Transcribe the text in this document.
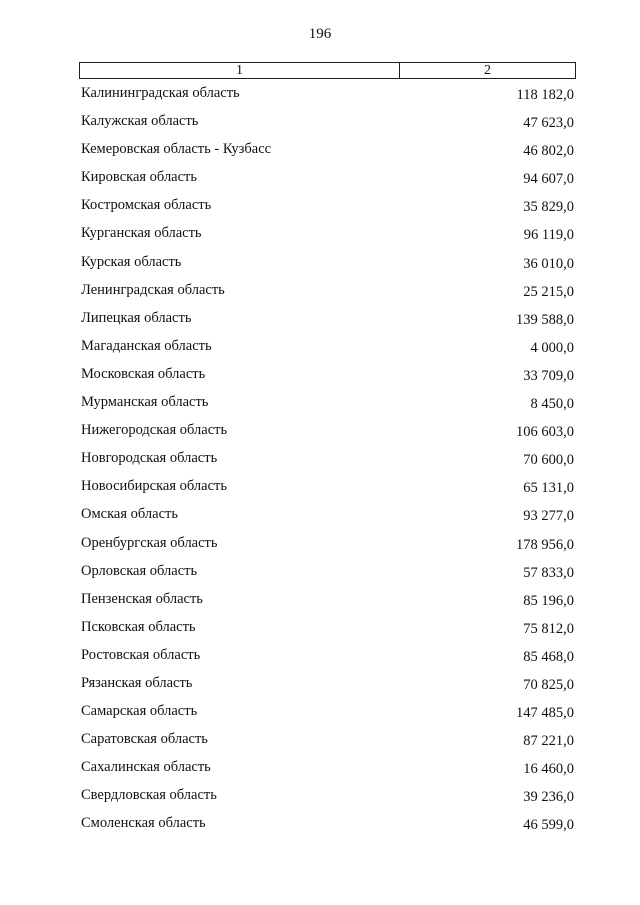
196
1	2
Калининградская область	118 182,0
Калужская область	47 623,0
Кемеровская область - Кузбасс	46 802,0
Кировская область	94 607,0
Костромская область	35 829,0
Курганская область	96 119,0
Курская область	36 010,0
Ленинградская область	25 215,0
Липецкая область	139 588,0
Магаданская область	4 000,0
Московская область	33 709,0
Мурманская область	8 450,0
Нижегородская область	106 603,0
Новгородская область	70 600,0
Новосибирская область	65 131,0
Омская область	93 277,0
Оренбургская область	178 956,0
Орловская область	57 833,0
Пензенская область	85 196,0
Псковская область	75 812,0
Ростовская область	85 468,0
Рязанская область	70 825,0
Самарская область	147 485,0
Саратовская область	87 221,0
Сахалинская область	16 460,0
Свердловская область	39 236,0
Смоленская область	46 599,0
